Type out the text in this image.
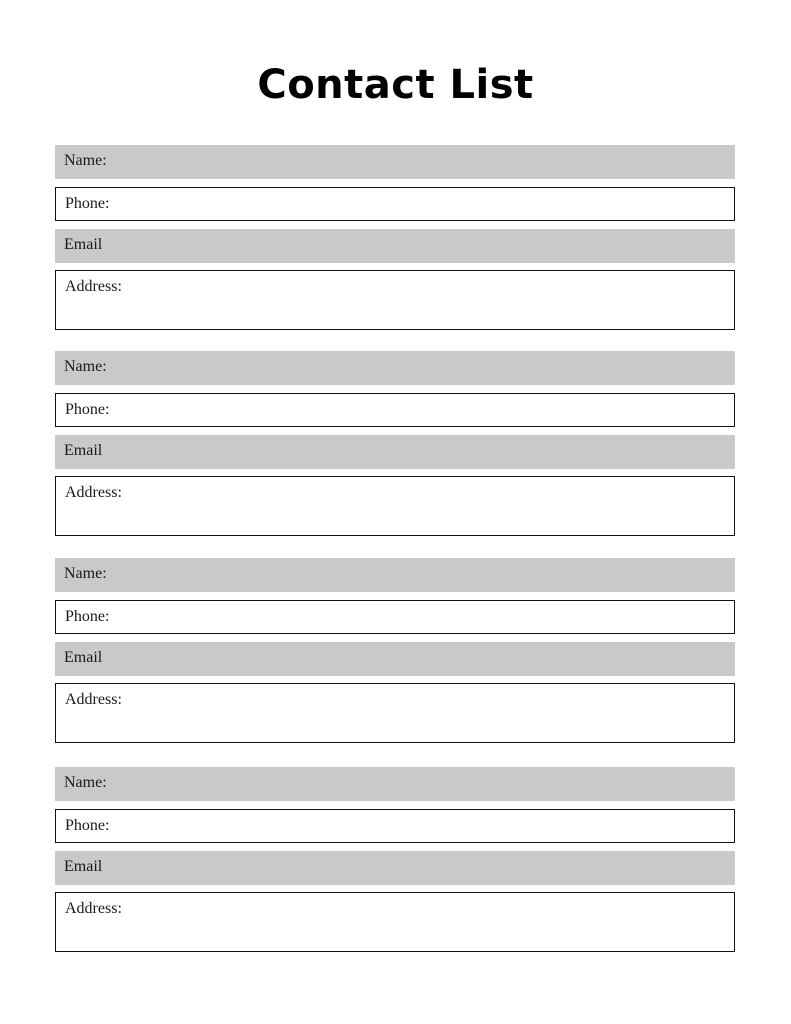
Contact List
Name:
Phone:
Email
Address:
Name:
Phone:
Email
Address:
Name:
Phone:
Email
Address:
Name:
Phone:
Email
Address:
